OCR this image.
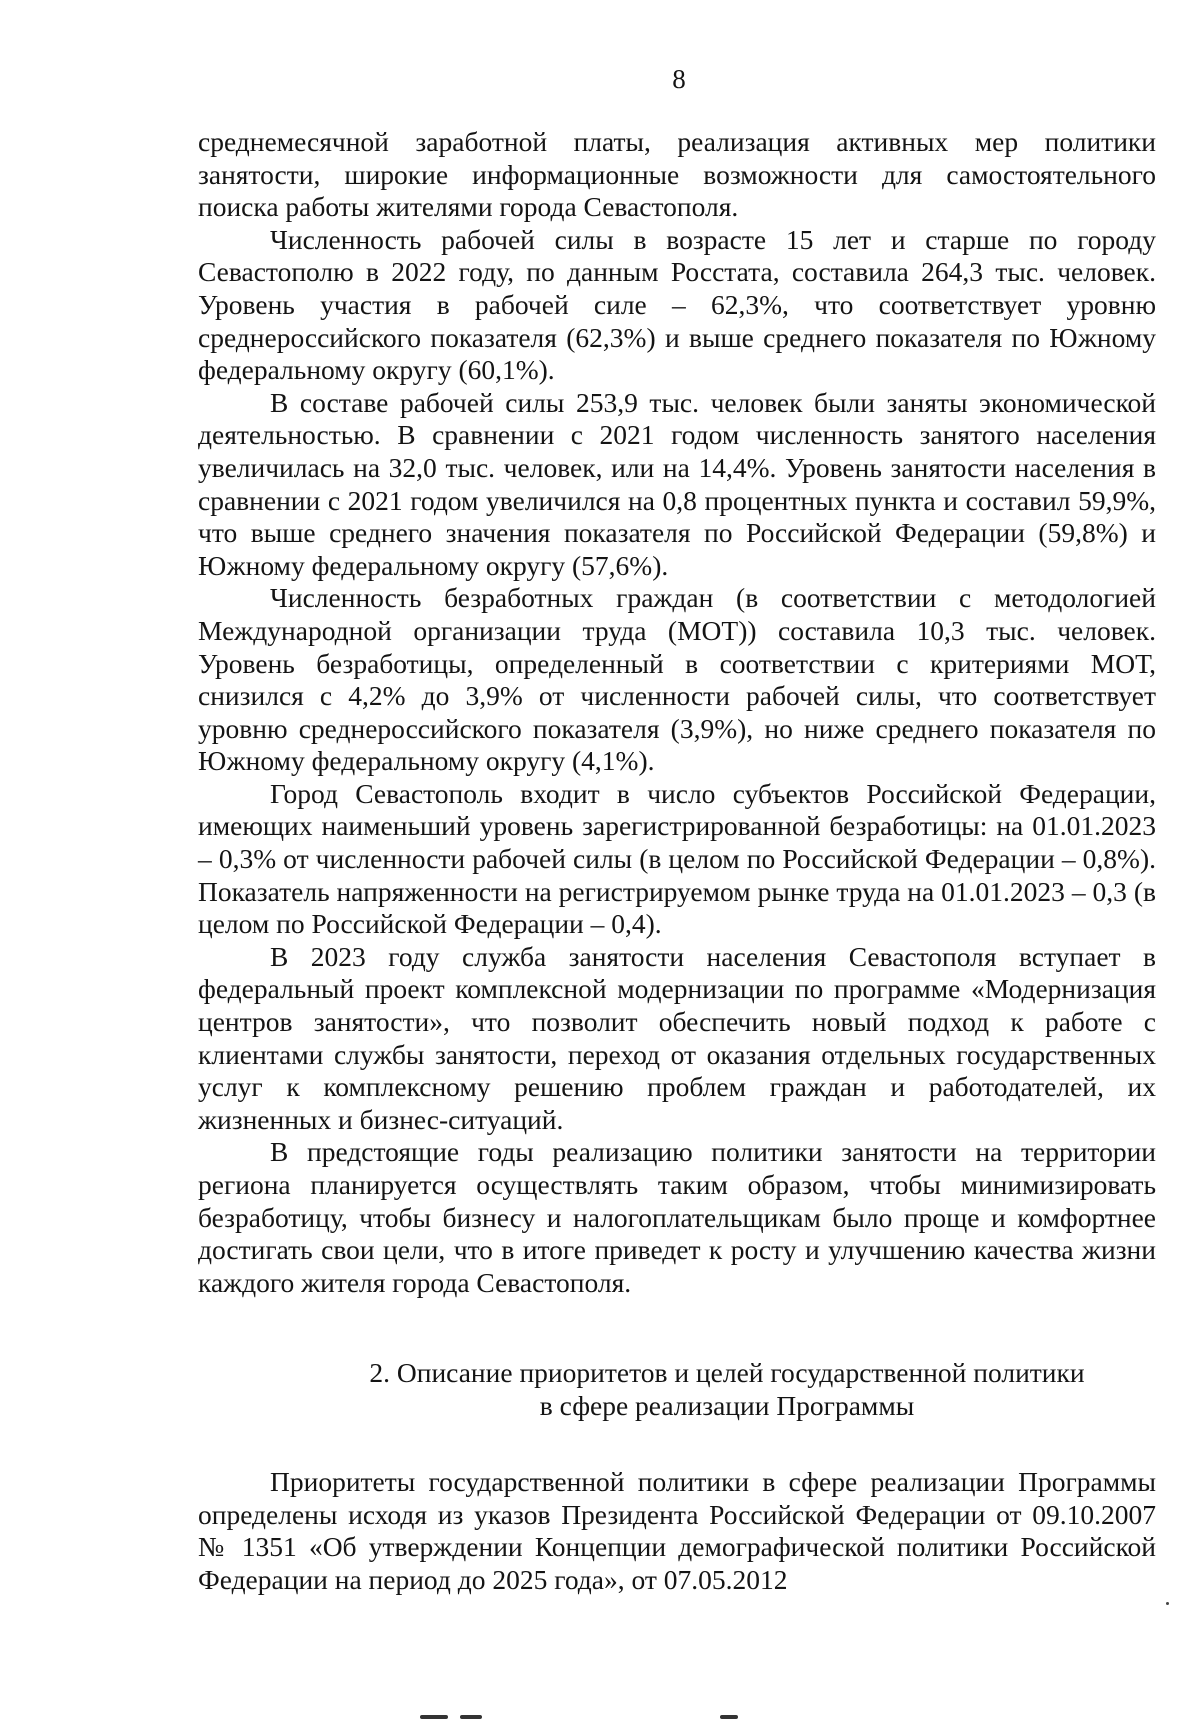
8

среднемесячной заработной платы, реализация активных мер политики занятости, широкие информационные возможности для самостоятельного поиска работы жителями города Севастополя.

Численность рабочей силы в возрасте 15 лет и старше по городу Севастополю в 2022 году, по данным Росстата, составила 264,3 тыс. человек. Уровень участия в рабочей силе – 62,3%, что соответствует уровню среднероссийского показателя (62,3%) и выше среднего показателя по Южному федеральному округу (60,1%).

В составе рабочей силы 253,9 тыс. человек были заняты экономической деятельностью. В сравнении с 2021 годом численность занятого населения увеличилась на 32,0 тыс. человек, или на 14,4%. Уровень занятости населения в сравнении с 2021 годом увеличился на 0,8 процентных пункта и составил 59,9%, что выше среднего значения показателя по Российской Федерации (59,8%) и Южному федеральному округу (57,6%).

Численность безработных граждан (в соответствии с методологией Международной организации труда (МОТ)) составила 10,3 тыс. человек. Уровень безработицы, определенный в соответствии с критериями МОТ, снизился с 4,2% до 3,9% от численности рабочей силы, что соответствует уровню среднероссийского показателя (3,9%), но ниже среднего показателя по Южному федеральному округу (4,1%).

Город Севастополь входит в число субъектов Российской Федерации, имеющих наименьший уровень зарегистрированной безработицы: на 01.01.2023 – 0,3% от численности рабочей силы (в целом по Российской Федерации – 0,8%). Показатель напряженности на регистрируемом рынке труда на 01.01.2023 – 0,3 (в целом по Российской Федерации – 0,4).

В 2023 году служба занятости населения Севастополя вступает в федеральный проект комплексной модернизации по программе «Модернизация центров занятости», что позволит обеспечить новый подход к работе с клиентами службы занятости, переход от оказания отдельных государственных услуг к комплексному решению проблем граждан и работодателей, их жизненных и бизнес-ситуаций.

В предстоящие годы реализацию политики занятости на территории региона планируется осуществлять таким образом, чтобы минимизировать безработицу, чтобы бизнесу и налогоплательщикам было проще и комфортнее достигать свои цели, что в итоге приведет к росту и улучшению качества жизни каждого жителя города Севастополя.

2. Описание приоритетов и целей государственной политики
в сфере реализации Программы

Приоритеты государственной политики в сфере реализации Программы определены исходя из указов Президента Российской Федерации от 09.10.2007 № 1351 «Об утверждении Концепции демографической политики Российской Федерации на период до 2025 года», от 07.05.2012
